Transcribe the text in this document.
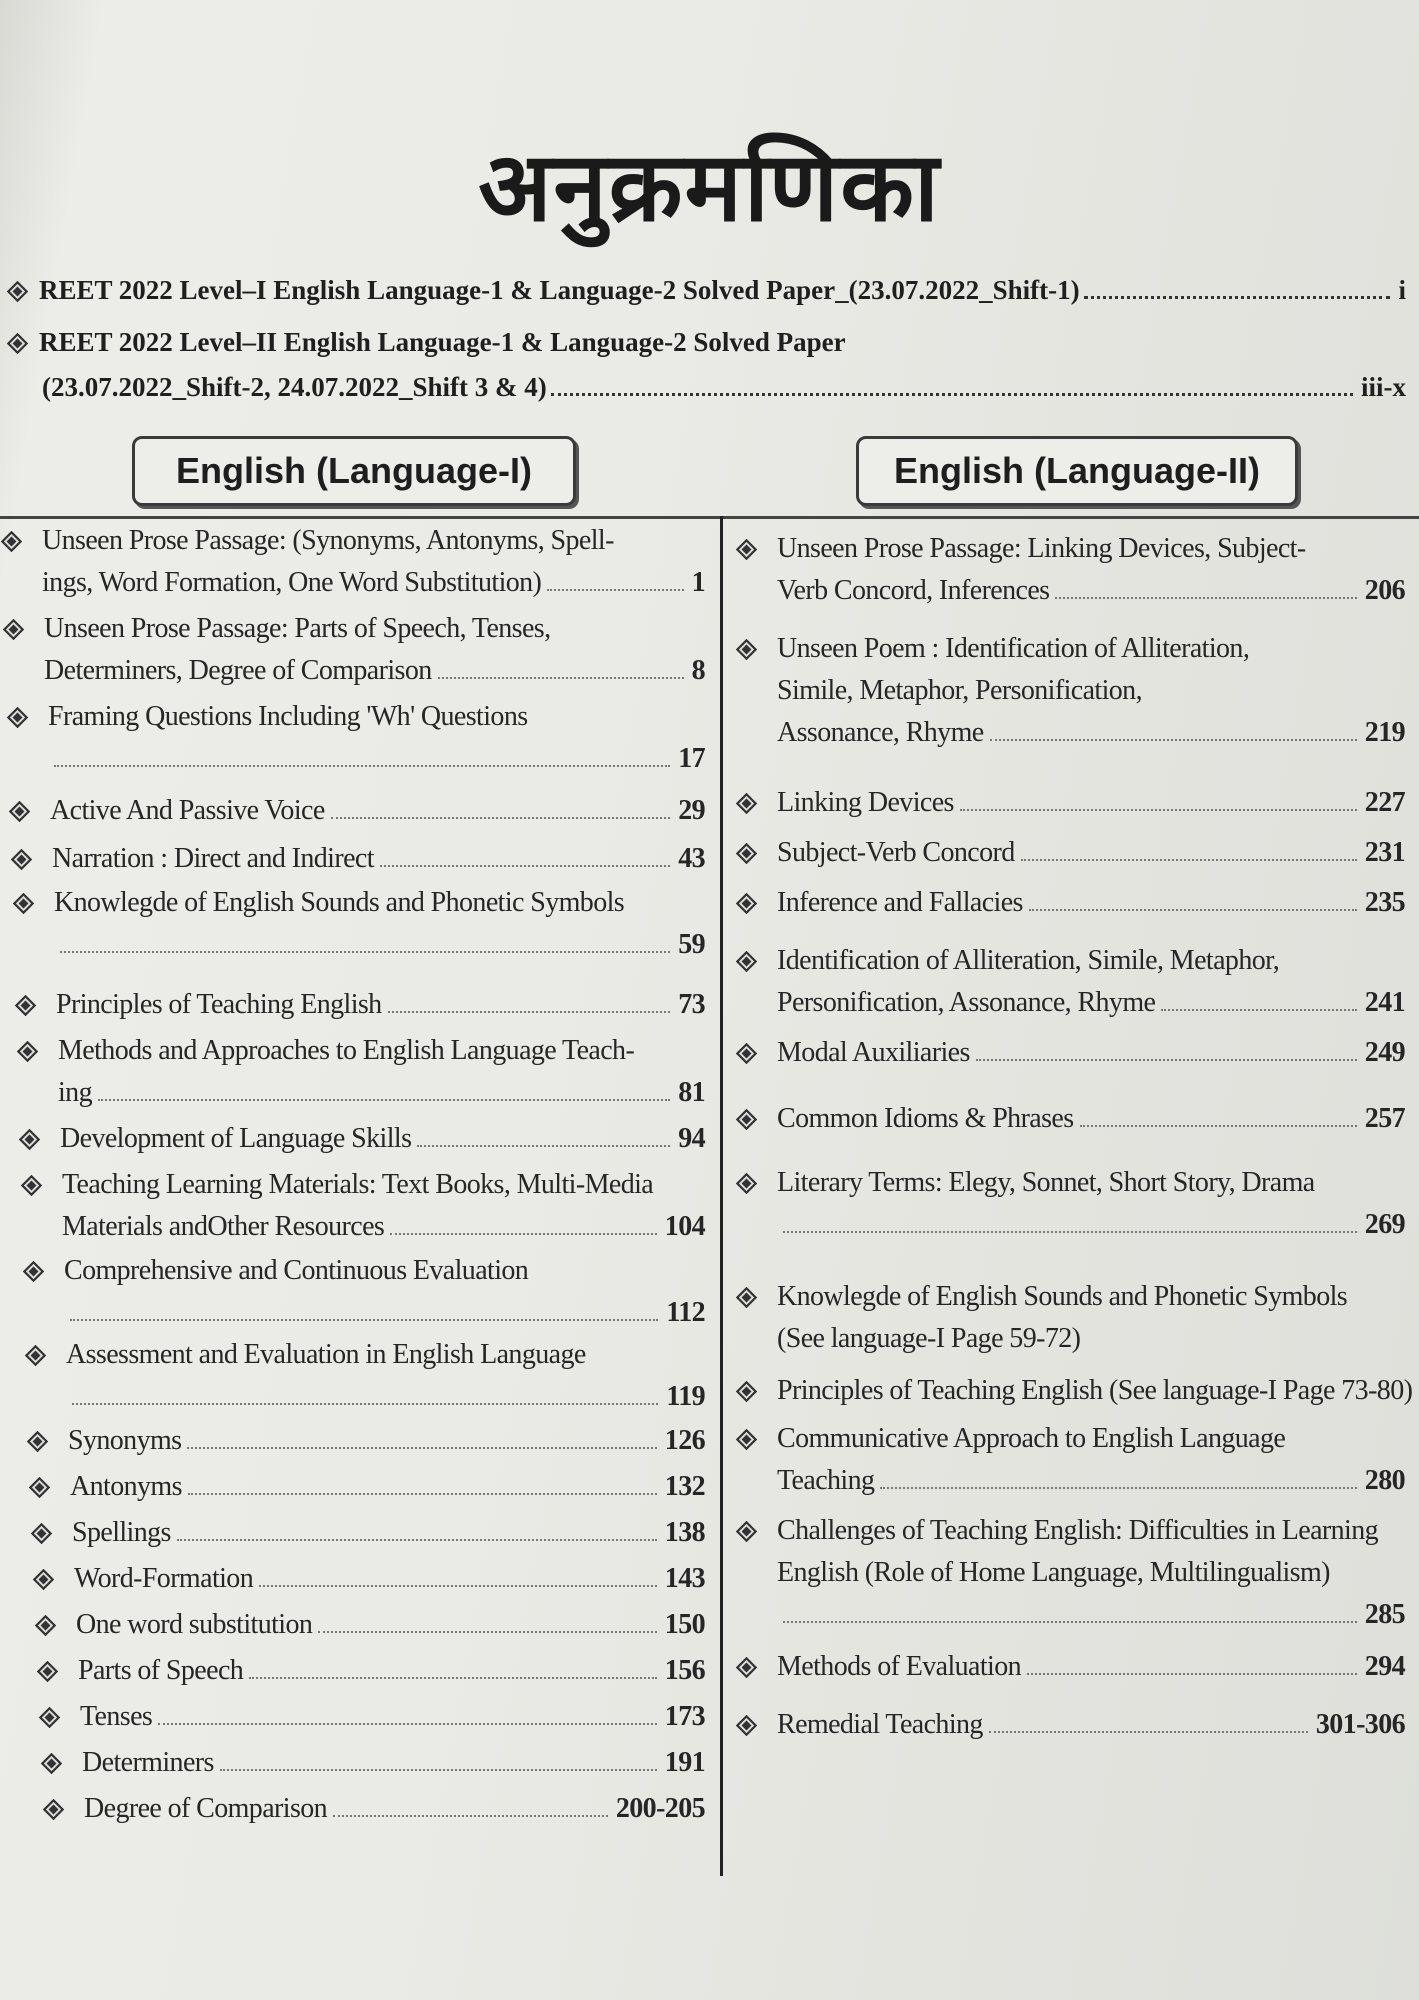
अनुक्रमणिका
REET 2022 Level–I English Language-1 & Language-2 Solved Paper_(23.07.2022_Shift-1)	i
REET 2022 Level–II English Language-1 & Language-2 Solved Paper
(23.07.2022_Shift-2, 24.07.2022_Shift 3 & 4)	iii-x
English (Language-I)	English (Language-II)
Unseen Prose Passage: (Synonyms, Antonyms, Spell-
ings, Word Formation, One Word Substitution)	1
Unseen Prose Passage: Parts of Speech, Tenses,
Determiners, Degree of Comparison	8
Framing Questions Including 'Wh' Questions
17
Active And Passive Voice	29
Narration : Direct and Indirect	43
Knowlegde of English Sounds and Phonetic Symbols
59
Principles of Teaching English	73
Methods and Approaches to English Language Teach-
ing	81
Development of Language Skills	94
Teaching Learning Materials: Text Books, Multi-Media
Materials andOther Resources	104
Comprehensive and Continuous Evaluation
112
Assessment and Evaluation in English Language
119
Synonyms	126
Antonyms	132
Spellings	138
Word-Formation	143
One word substitution	150
Parts of Speech	156
Tenses	173
Determiners	191
Degree of Comparison	200-205
Unseen Prose Passage: Linking Devices, Subject-
Verb Concord, Inferences	206
Unseen Poem : Identification of Alliteration,
Simile, Metaphor, Personification,
Assonance, Rhyme	219
Linking Devices	227
Subject-Verb Concord	231
Inference and Fallacies	235
Identification of Alliteration, Simile, Metaphor,
Personification, Assonance, Rhyme	241
Modal Auxiliaries	249
Common Idioms & Phrases	257
Literary Terms: Elegy, Sonnet, Short Story, Drama
269
Knowlegde of English Sounds and Phonetic Symbols
(See language-I Page 59-72)
Principles of Teaching English (See language-I Page 73-80)
Communicative Approach to English Language
Teaching	280
Challenges of Teaching English: Difficulties in Learning
English (Role of Home Language, Multilingualism)
285
Methods of Evaluation	294
Remedial Teaching	301-306
